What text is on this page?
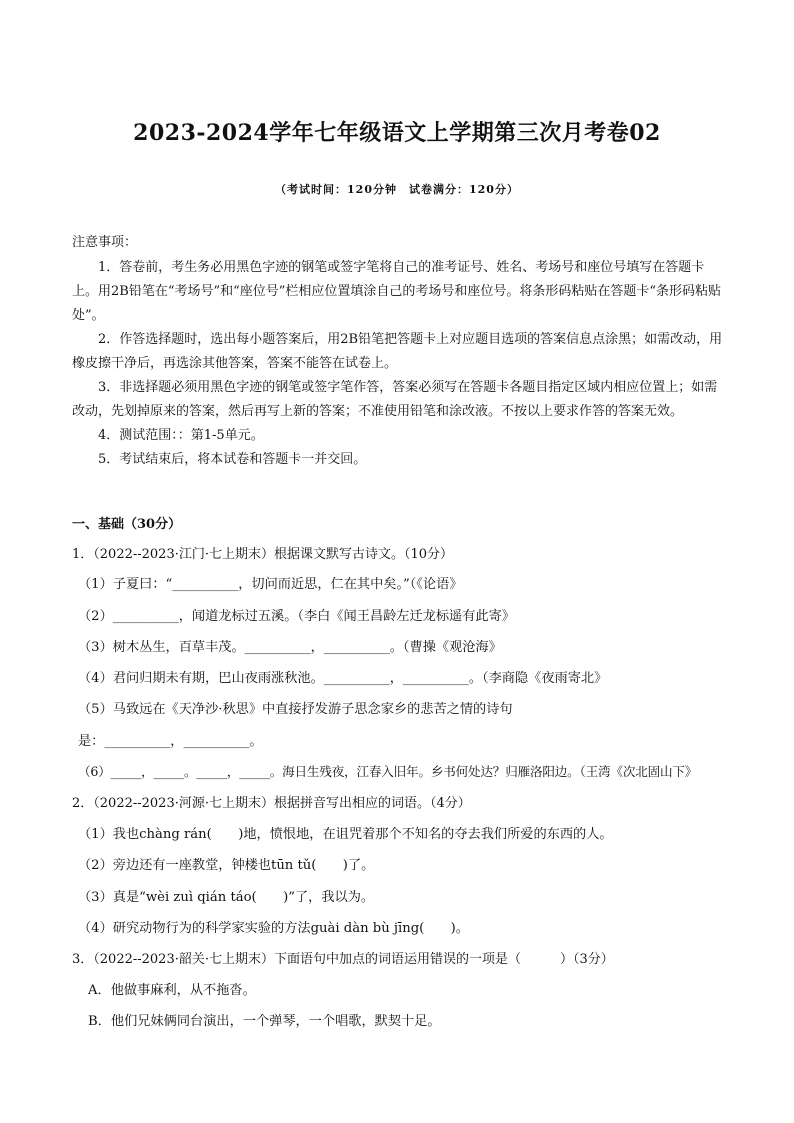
2023-2024学年七年级语文上学期第三次月考卷02
（考试时间：120分钟　试卷满分：120分）
注意事项：

1．答卷前，考生务必用黑色字迹的钢笔或签字笔将自己的准考证号、姓名、考场号和座位号填写在答题卡上。用2B铅笔在“考场号”和“座位号”栏相应位置填涂自己的考场号和座位号。将条形码粘贴在答题卡“条形码粘贴处”。

2．作答选择题时，选出每小题答案后，用2B铅笔把答题卡上对应题目选项的答案信息点涂黑；如需改动，用橡皮擦干净后，再选涂其他答案，答案不能答在试卷上。

3．非选择题必须用黑色字迹的钢笔或签字笔作答，答案必须写在答题卡各题目指定区域内相应位置上；如需改动，先划掉原来的答案，然后再写上新的答案；不准使用铅笔和涂改液。不按以上要求作答的答案无效。

4．测试范围：：第1-5单元。

5．考试结束后，将本试卷和答题卡一并交回。

一、基础（30分）
1．（2022--2023·江门·七上期末）根据课文默写古诗文。（10分）
（1）子夏曰：“__________，切问而近思，仁在其中矣。”（《论语》
（2）__________，闻道龙标过五溪。（李白《闻王昌龄左迁龙标遥有此寄》
（3）树木丛生，百草丰茂。__________，__________。（曹操《观沧海》
（4）君问归期未有期，巴山夜雨涨秋池。__________，__________。（李商隐《夜雨寄北》
（5）马致远在《天净沙·秋思》中直接抒发游子思念家乡的悲苦之情的诗句
是：__________，__________。
（6）_____，_____。_____，_____。海日生残夜，江春入旧年。乡书何处达？归雁洛阳边。（王湾《次北固山下》
2．（2022--2023·河源·七上期末）根据拼音写出相应的词语。（4分）
（1）我也chàng rán(　　)地，愤恨地，在诅咒着那个不知名的夺去我们所爱的东西的人。
（2）旁边还有一座教堂，钟楼也tūn tǔ(　　)了。
（3）真是“wèi zuì qián táo(　　)”了，我以为。
（4）研究动物行为的科学家实验的方法guài dàn bù jīng(　　)。
3．（2022--2023·韶关·七上期末）下面语句中加点的词语运用错误的一项是（　　　）（3分）
A．他做事麻利，从不拖沓。
B．他们兄妹俩同台演出，一个弹琴，一个唱歌，默契十足。
